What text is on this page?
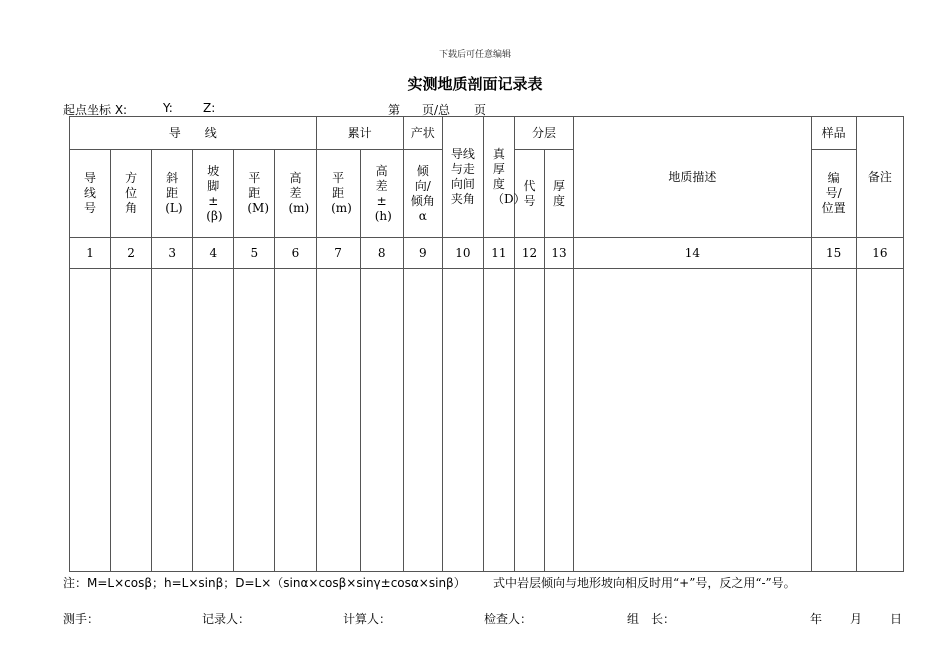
下载后可任意编辑
实测地质剖面记录表
起点坐标 X:	Y:	Z:	第 页/总 页
导　　线						累计		产状	导线与走向间夹角	真厚度（D）	分层		地质描述	样品	备注
导线号	方位角	斜距(L)	坡脚±(β)	平距(M)	高差(m)	平距(m)	高差±(h)	倾向/倾角α			代号	厚度		编号/位置	
1	2	3	4	5	6	7	8	9	10	11	12	13	14	15	16

注：M=L×cosβ；h=L×sinβ；D=L×（sinα×cosβ×sinγ±cosα×sinβ） 式中岩层倾向与地形坡向相反时用“+”号，反之用“-”号。
测手：	记录人：	计算人：	检查人：	组　长：	年 月 日
